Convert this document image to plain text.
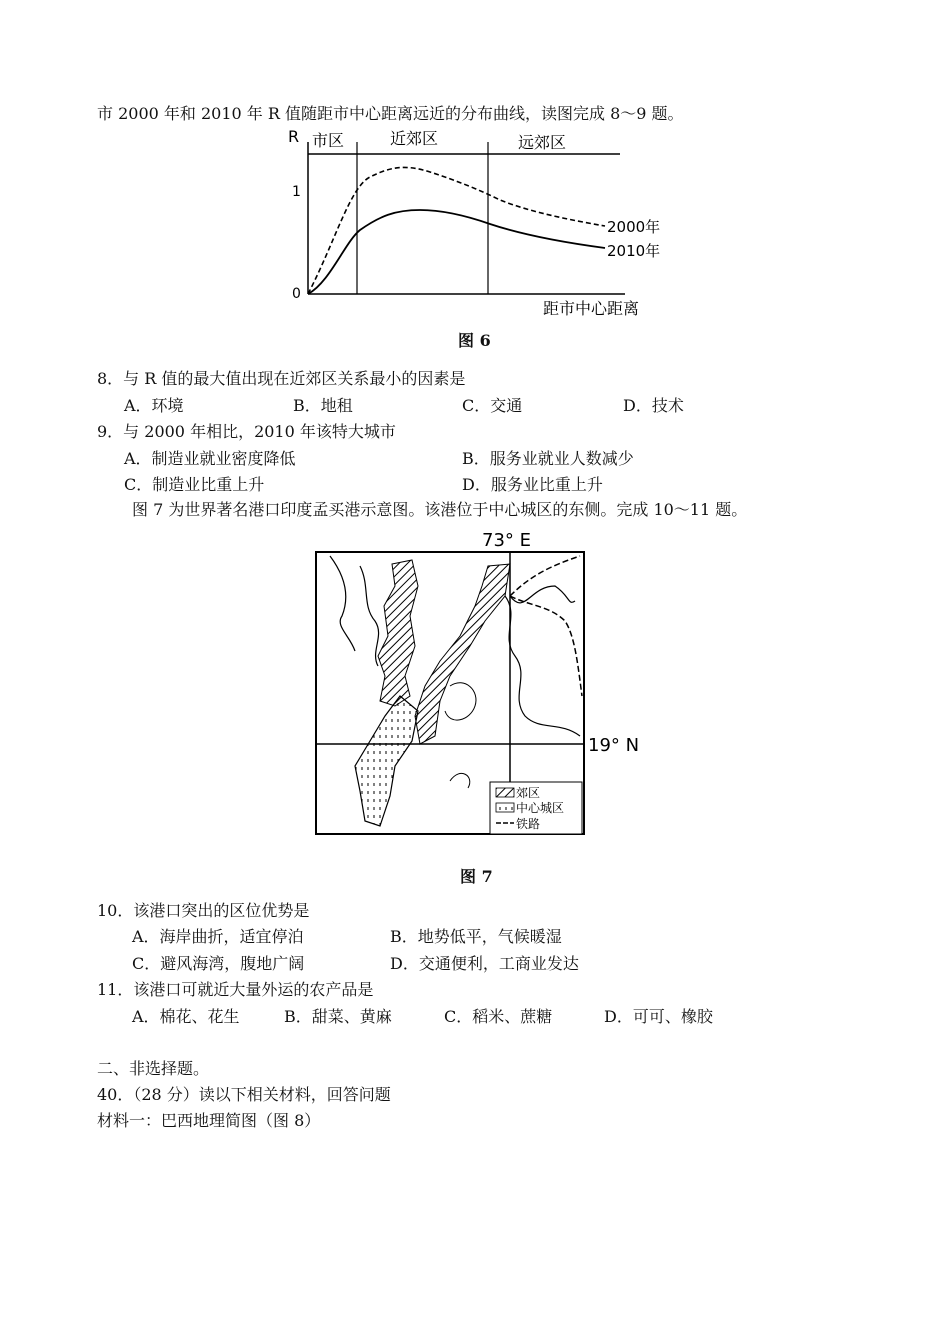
市 2000 年和 2010 年 R 值随距市中心距离远近的分布曲线，读图完成 8～9 题。
R 市区	近郊区	远郊区
1
0
距市中心距离
2000年
2010年
图 6
8．与 R 值的最大值出现在近郊区关系最小的因素是
A．环境	B．地租	C．交通	D．技术
9．与 2000 年相比，2010 年该特大城市
A．制造业就业密度降低	B．服务业就业人数减少
C．制造业比重上升	D．服务业比重上升
图 7 为世界著名港口印度孟买港示意图。该港位于中心城区的东侧。完成 10～11 题。
73° E
19° N
郊区
中心城区
铁路
图 7
10．该港口突出的区位优势是
A．海岸曲折，适宜停泊	B．地势低平，气候暖湿
C．避风海湾，腹地广阔	D．交通便利，工商业发达
11．该港口可就近大量外运的农产品是
A．棉花、花生	B．甜菜、黄麻	C．稻米、蔗糖	D．可可、橡胶
二、非选择题。
40．（28 分）读以下相关材料，回答问题
材料一：巴西地理简图（图 8）
